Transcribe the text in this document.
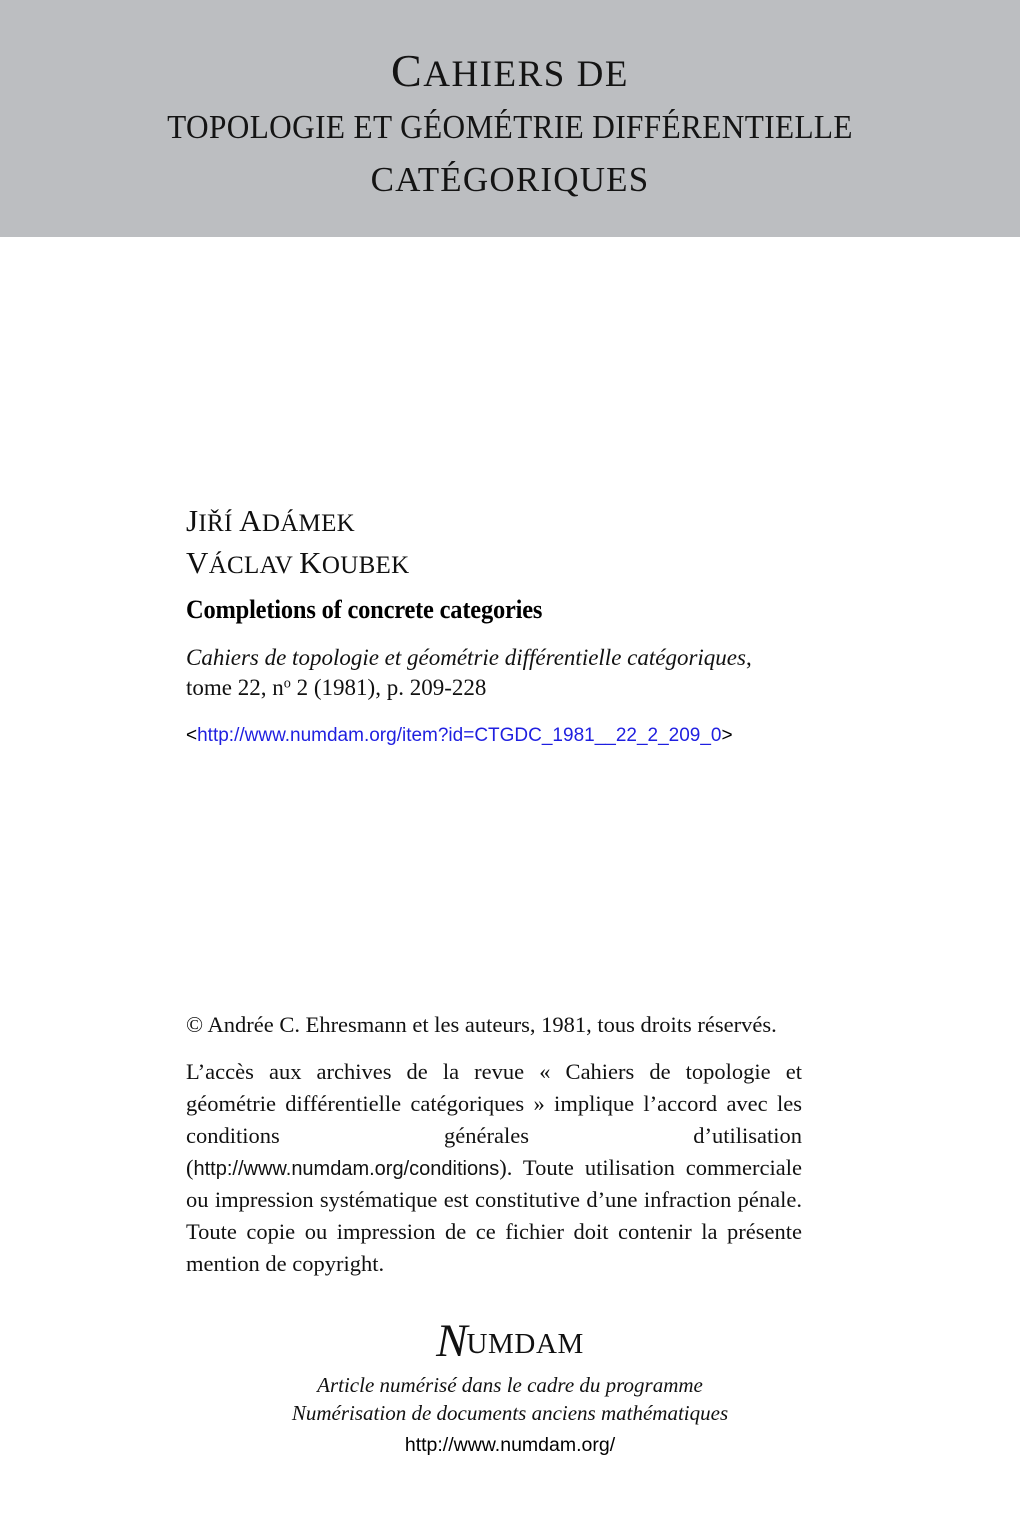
CAHIERS DE
TOPOLOGIE ET GÉOMÉTRIE DIFFÉRENTIELLE
CATÉGORIQUES
JIŘÍ ADÁMEK
VÁCLAV KOUBEK
Completions of concrete categories
Cahiers de topologie et géométrie différentielle catégoriques, tome 22, $n^o$ 2 (1981), p. 209-228
<http://www.numdam.org/item?id=CTGDC_1981__22_2_209_0>
© Andrée C. Ehresmann et les auteurs, 1981, tous droits réservés.
L’accès aux archives de la revue « Cahiers de topologie et géométrie différentielle catégoriques » implique l’accord avec les conditions générales d’utilisation (http://www.numdam.org/conditions). Toute utilisation commerciale ou impression systématique est constitutive d’une infraction pénale. Toute copie ou impression de ce fichier doit contenir la présente mention de copyright.
NUMDAM
Article numérisé dans le cadre du programme
Numérisation de documents anciens mathématiques
http://www.numdam.org/
